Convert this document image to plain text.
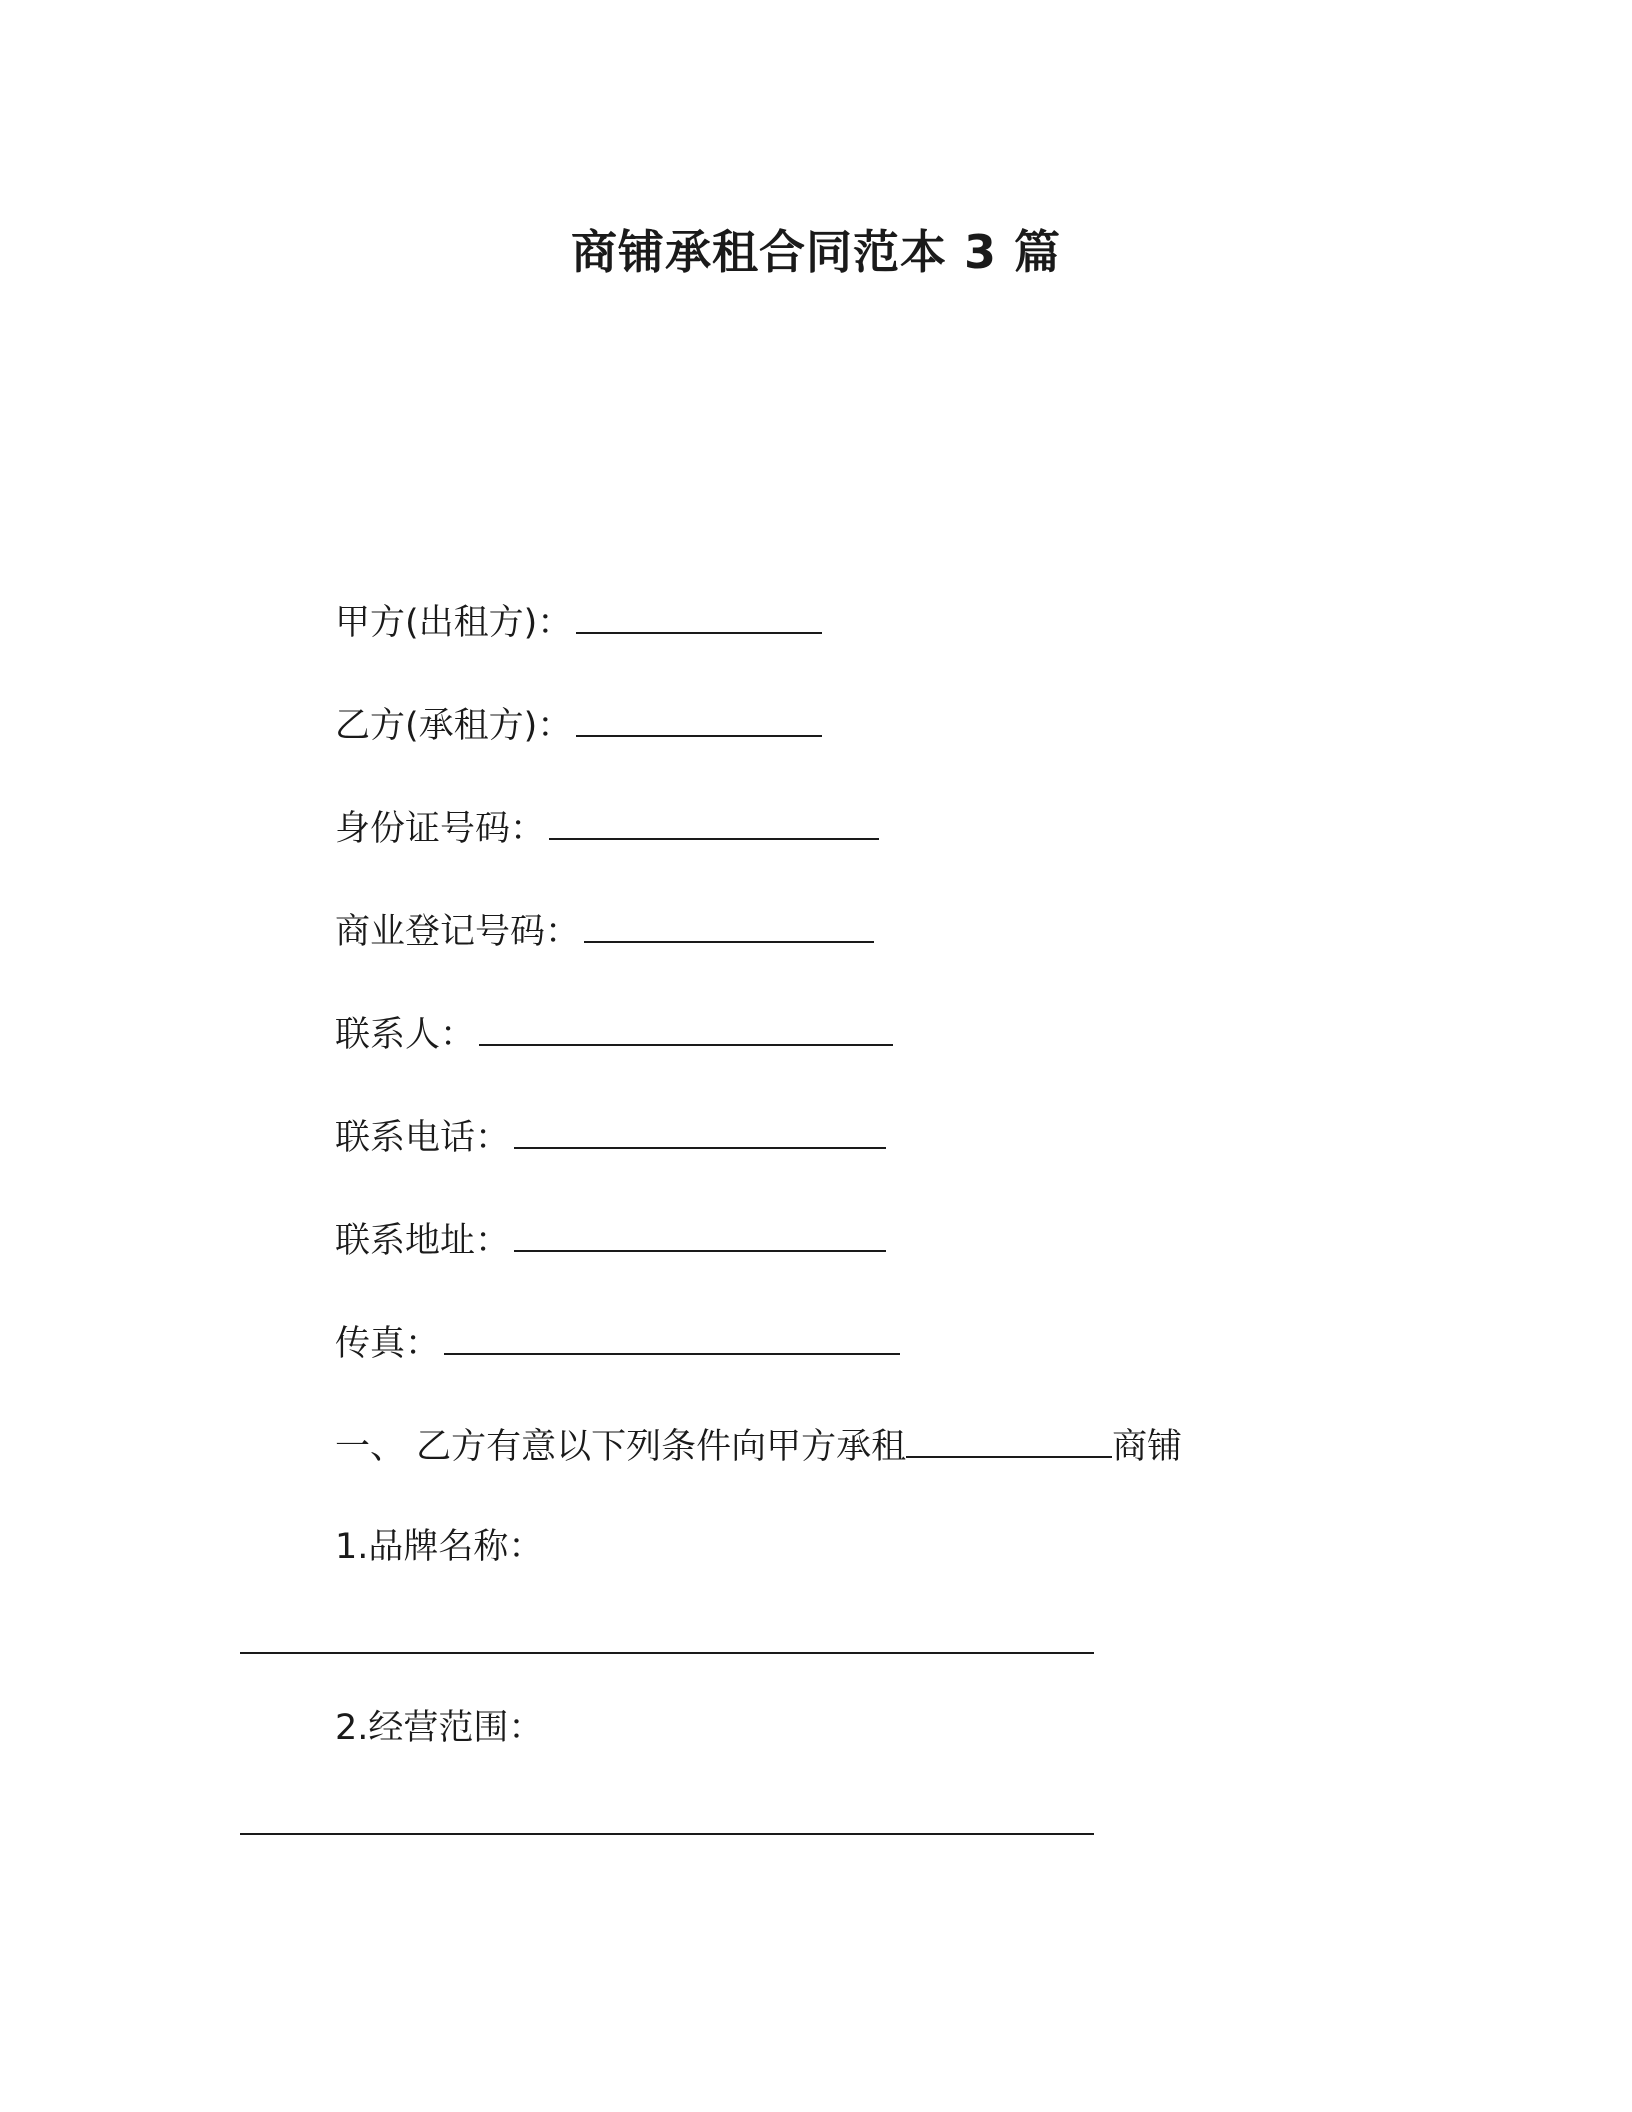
商铺承租合同范本 3 篇
甲方(出租方)：
乙方(承租方)：
身份证号码：
商业登记号码：
联系人：
联系电话：
联系地址：
传真：
一、 乙方有意以下列条件向甲方承租	商铺
1.品牌名称：
2.经营范围：
